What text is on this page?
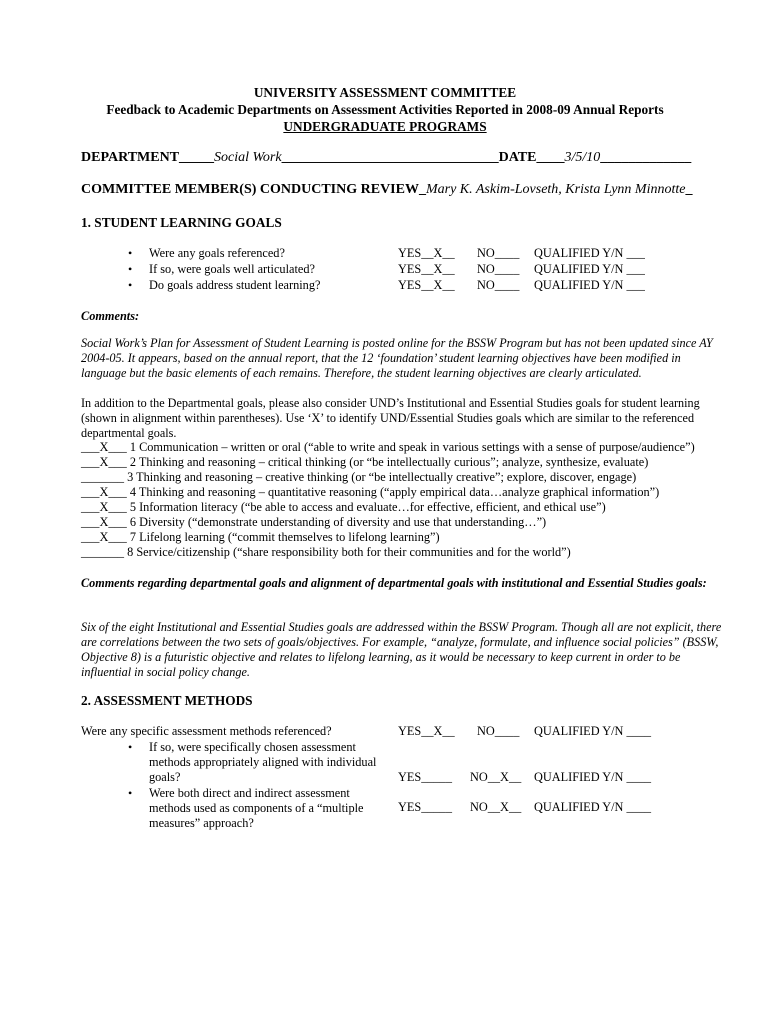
UNIVERSITY ASSESSMENT COMMITTEE
Feedback to Academic Departments on Assessment Activities Reported in 2008-09 Annual Reports
UNDERGRADUATE PROGRAMS
DEPARTMENT_____Social Work_______________________________DATE____3/5/10_____________
COMMITTEE MEMBER(S) CONDUCTING REVIEW_Mary K. Askim-Lovseth, Krista Lynn Minnotte_
1. STUDENT LEARNING GOALS
• Were any goals referenced?	YES__X__ NO____ QUALIFIED Y/N ___
• If so, were goals well articulated?	YES__X__ NO____ QUALIFIED Y/N ___
• Do goals address student learning?	YES__X__ NO____ QUALIFIED Y/N ___
Comments:
Social Work’s Plan for Assessment of Student Learning is posted online for the BSSW Program but has not been updated since AY 2004-05. It appears, based on the annual report, that the 12 ‘foundation’ student learning objectives have been modified in language but the basic elements of each remains. Therefore, the student learning objectives are clearly articulated.
In addition to the Departmental goals, please also consider UND’s Institutional and Essential Studies goals for student learning (shown in alignment within parentheses). Use ‘X’ to identify UND/Essential Studies goals which are similar to the referenced departmental goals.
___X___ 1 Communication – written or oral (“able to write and speak in various settings with a sense of purpose/audience”)
___X___ 2 Thinking and reasoning – critical thinking (or “be intellectually curious”; analyze, synthesize, evaluate)
_______ 3 Thinking and reasoning – creative thinking (or “be intellectually creative”; explore, discover, engage)
___X___ 4 Thinking and reasoning – quantitative reasoning (“apply empirical data…analyze graphical information”)
___X___ 5 Information literacy (“be able to access and evaluate…for effective, efficient, and ethical use”)
___X___ 6 Diversity (“demonstrate understanding of diversity and use that understanding…”)
___X___ 7 Lifelong learning (“commit themselves to lifelong learning”)
_______ 8 Service/citizenship (“share responsibility both for their communities and for the world”)
Comments regarding departmental goals and alignment of departmental goals with institutional and Essential Studies goals:
Six of the eight Institutional and Essential Studies goals are addressed within the BSSW Program. Though all are not explicit, there are correlations between the two sets of goals/objectives. For example, “analyze, formulate, and influence social policies” (BSSW, Objective 8) is a futuristic objective and relates to lifelong learning, as it would be necessary to keep current in order to be influential in social policy change.
2. ASSESSMENT METHODS
Were any specific assessment methods referenced?	YES__X__ NO____ QUALIFIED Y/N ____
• If so, were specifically chosen assessment
methods appropriately aligned with individual
goals?	YES_____ NO__X__ QUALIFIED Y/N ____
• Were both direct and indirect assessment
methods used as components of a “multiple
measures” approach?
YES_____ NO__X__ QUALIFIED Y/N ____
